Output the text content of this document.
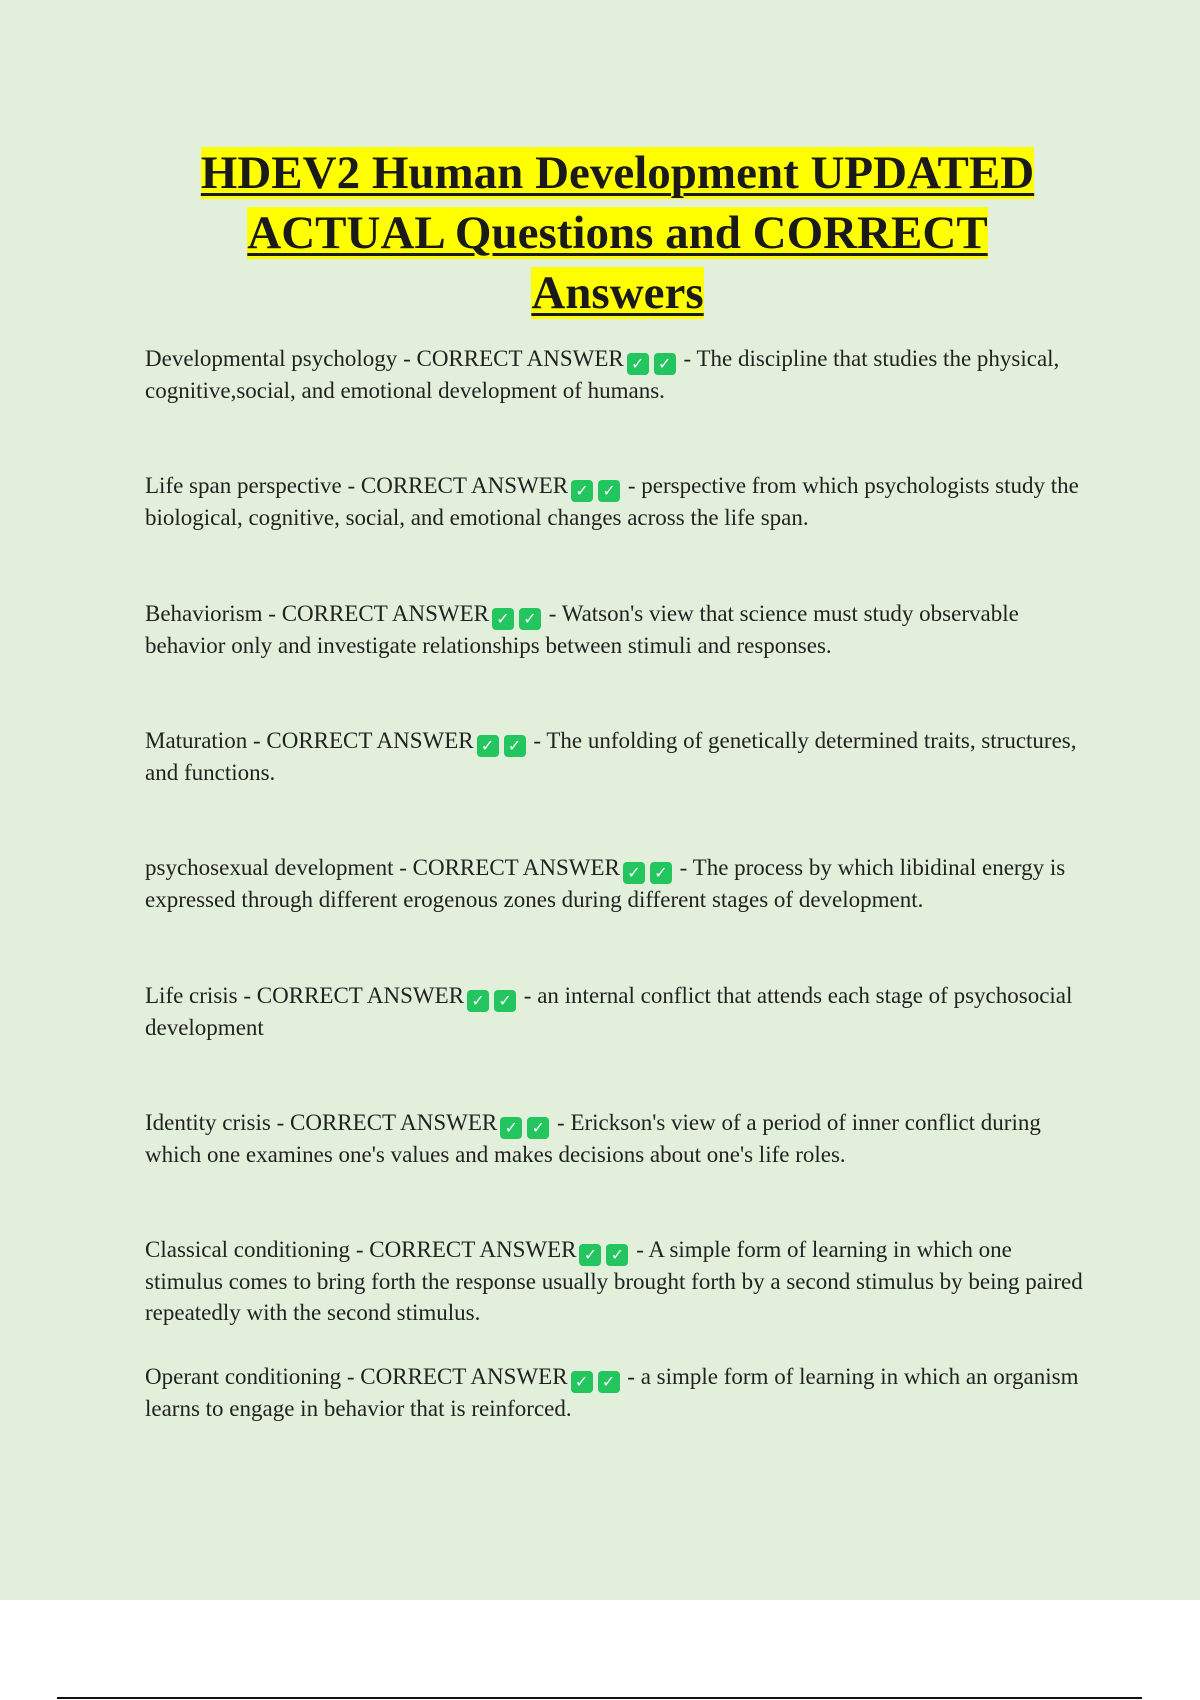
HDEV2 Human Development UPDATED
ACTUAL Questions and CORRECT
Answers
Developmental psychology - CORRECT ANSWER ✓ ✓ - The discipline that studies the physical, cognitive,social, and emotional development of humans.
Life span perspective - CORRECT ANSWER ✓ ✓ - perspective from which psychologists study the biological, cognitive, social, and emotional changes across the life span.
Behaviorism - CORRECT ANSWER ✓ ✓ - Watson's view that science must study observable behavior only and investigate relationships between stimuli and responses.
Maturation - CORRECT ANSWER ✓ ✓ - The unfolding of genetically determined traits, structures, and functions.
psychosexual development - CORRECT ANSWER ✓ ✓ - The process by which libidinal energy is expressed through different erogenous zones during different stages of development.
Life crisis - CORRECT ANSWER ✓ ✓ - an internal conflict that attends each stage of psychosocial development
Identity crisis - CORRECT ANSWER ✓ ✓ - Erickson's view of a period of inner conflict during which one examines one's values and makes decisions about one's life roles.
Classical conditioning - CORRECT ANSWER ✓ ✓ - A simple form of learning in which one stimulus comes to bring forth the response usually brought forth by a second stimulus by being paired repeatedly with the second stimulus.
Operant conditioning - CORRECT ANSWER ✓ ✓ - a simple form of learning in which an organism learns to engage in behavior that is reinforced.
